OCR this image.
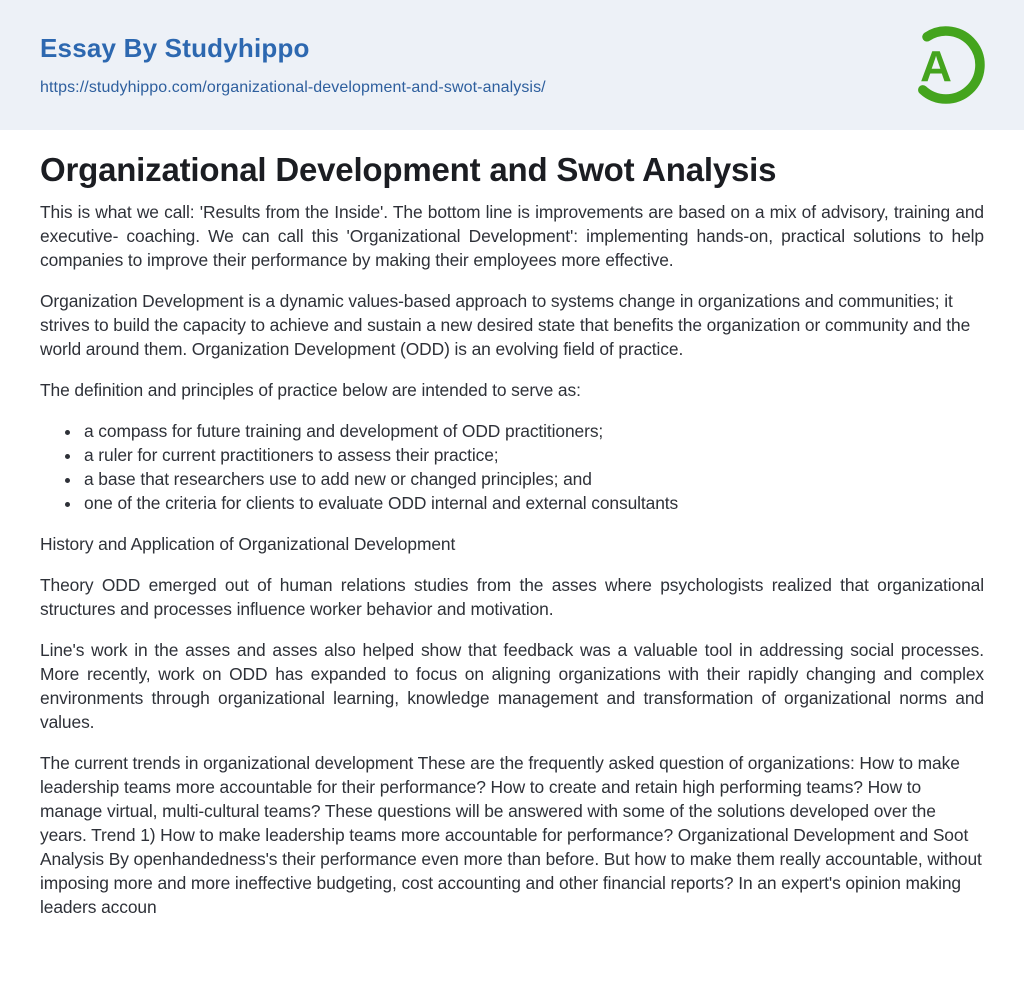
Essay By Studyhippo
https://studyhippo.com/organizational-development-and-swot-analysis/	A
Organizational Development and Swot Analysis

This is what we call: 'Results from the Inside'. The bottom line is improvements are based on a mix of advisory, training and executive- coaching. We can call this 'Organizational Development': implementing hands-on, practical solutions to help companies to improve their performance by making their employees more effective.

Organization Development is a dynamic values-based approach to systems change in organizations and communities; it strives to build the capacity to achieve and sustain a new desired state that benefits the organization or community and the world around them. Organization Development (ODD) is an evolving field of practice.

The definition and principles of practice below are intended to serve as:

• a compass for future training and development of ODD practitioners;
• a ruler for current practitioners to assess their practice;
• a base that researchers use to add new or changed principles; and
• one of the criteria for clients to evaluate ODD internal and external consultants

History and Application of Organizational Development

Theory ODD emerged out of human relations studies from the asses where psychologists realized that organizational structures and processes influence worker behavior and motivation.

Line's work in the asses and asses also helped show that feedback was a valuable tool in addressing social processes. More recently, work on ODD has expanded to focus on aligning organizations with their rapidly changing and complex environments through organizational learning, knowledge management and transformation of organizational norms and values.

The current trends in organizational development These are the frequently asked question of organizations: How to make leadership teams more accountable for their performance? How to create and retain high performing teams? How to manage virtual, multi-cultural teams? These questions will be answered with some of the solutions developed over the years. Trend 1) How to make leadership teams more accountable for performance? Organizational Development and Soot Analysis By openhandedness's their performance even more than before. But how to make them really accountable, without imposing more and more ineffective budgeting, cost accounting and other financial reports? In an expert's opinion making leaders accoun
